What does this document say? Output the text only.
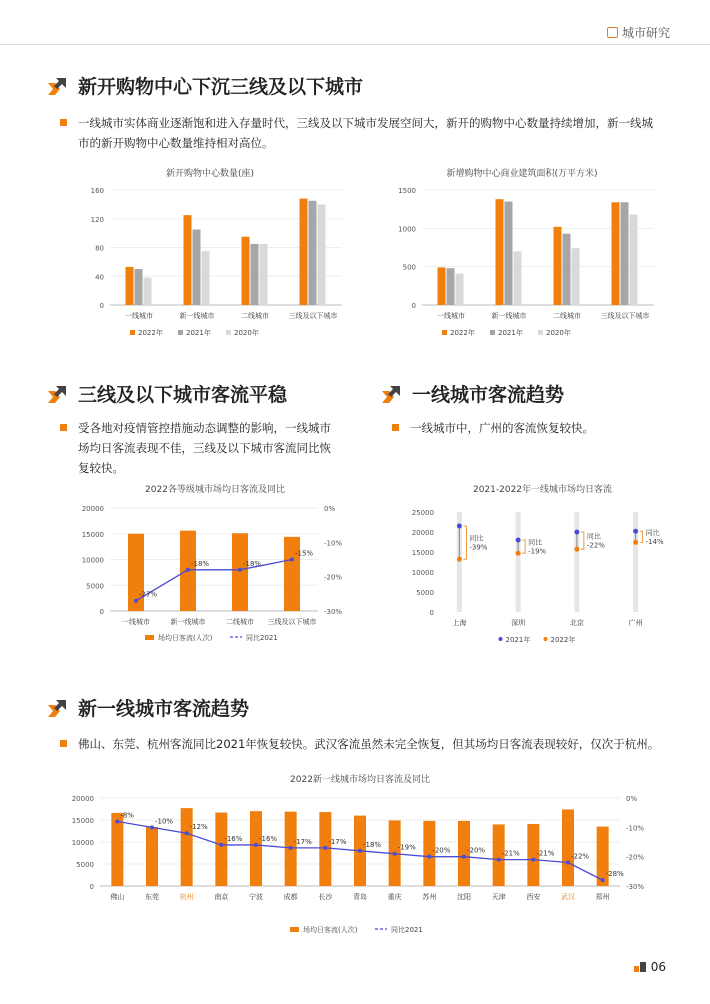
城市研究
新开购物中心下沉三线及以下城市
一线城市实体商业逐渐饱和进入存量时代，三线及以下城市发展空间大，新开的购物中心数量持续增加，新一线城市的新开购物中心数量维持相对高位。
新开购物中心数量(座)
0
40
80
120
160
一线城市	新一线城市	二线城市	三线及以下城市
2022年	2021年	2020年
新增购物中心商业建筑面积(万平方米)
0
500
1000
1500
一线城市	新一线城市	二线城市	三线及以下城市
2022年	2021年	2020年
三线及以下城市客流平稳
受各地对疫情管控措施动态调整的影响，一线城市场均日客流表现不佳，三线及以下城市客流同比恢复较快。
一线城市客流趋势
一线城市中，广州的客流恢复较快。
2022各等级城市场均日客流及同比
0
5000
10000
15000
20000	0%
-10%
-20%
-30%
一线城市	新一线城市	二线城市 三线及以下城市
-27%
-18%	-18%
-15%
场均日客流(人次)	同比2021
2021-2022年一线城市场均日客流
0
5000
10000
15000
20000
25000
同比
-39%
上海
同比
-19%
深圳
同比
-22%
北京
同比
-14%
广州
2021年	2022年
新一线城市客流趋势
佛山、东莞、杭州客流同比2021年恢复较快。武汉客流虽然未完全恢复，但其场均日客流表现较好，仅次于杭州。
2022新一线城市场均日客流及同比
0
5000
10000
15000
20000	0%
-10%
-20%
-30%
佛山	东莞	杭州	南京	宁波	成都	长沙	青岛	重庆	苏州	沈阳	天津	西安	武汉	郑州
-8%
-10%
-12%
-16% -16% -17% -17% -18% -19% -20% -20% -21% -21% -22%
-28%
场均日客流(人次)	同比2021
06
